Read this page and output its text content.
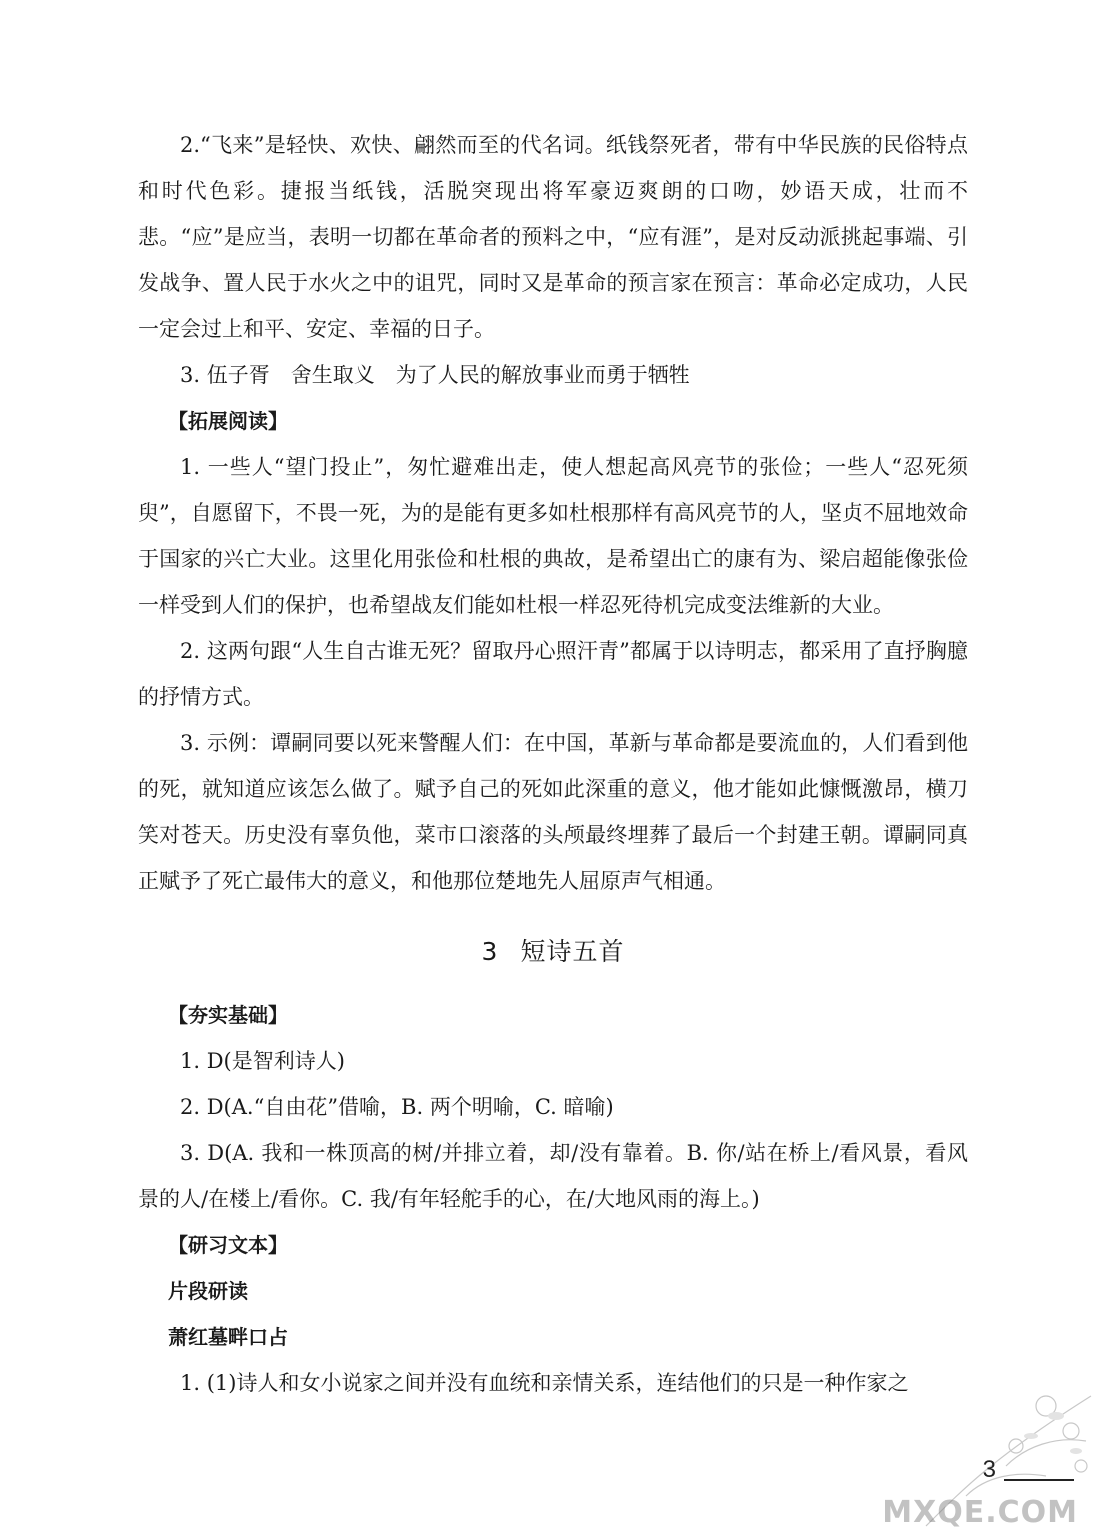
2.“飞来”是轻快、欢快、翩然而至的代名词。纸钱祭死者，带有中华民族的民俗特点和时代色彩。捷报当纸钱，活脱突现出将军豪迈爽朗的口吻，妙语天成，壮而不悲。“应”是应当，表明一切都在革命者的预料之中，“应有涯”，是对反动派挑起事端、引发战争、置人民于水火之中的诅咒，同时又是革命的预言家在预言：革命必定成功，人民一定会过上和平、安定、幸福的日子。

3. 伍子胥　舍生取义　为了人民的解放事业而勇于牺牲

【拓展阅读】

1. 一些人“望门投止”，匆忙避难出走，使人想起高风亮节的张俭；一些人“忍死须臾”，自愿留下，不畏一死，为的是能有更多如杜根那样有高风亮节的人，坚贞不屈地效命于国家的兴亡大业。这里化用张俭和杜根的典故，是希望出亡的康有为、梁启超能像张俭一样受到人们的保护，也希望战友们能如杜根一样忍死待机完成变法维新的大业。

2. 这两句跟“人生自古谁无死？留取丹心照汗青”都属于以诗明志，都采用了直抒胸臆的抒情方式。

3. 示例：谭嗣同要以死来警醒人们：在中国，革新与革命都是要流血的，人们看到他的死，就知道应该怎么做了。赋予自己的死如此深重的意义，他才能如此慷慨激昂，横刀笑对苍天。历史没有辜负他，菜市口滚落的头颅最终埋葬了最后一个封建王朝。谭嗣同真正赋予了死亡最伟大的意义，和他那位楚地先人屈原声气相通。

3 短诗五首

【夯实基础】

1. D(是智利诗人)

2. D(A.“自由花”借喻，B. 两个明喻，C. 暗喻)

3. D(A. 我和一株顶高的树/并排立着，却/没有靠着。B. 你/站在桥上/看风景，看风景的人/在楼上/看你。C. 我/有年轻舵手的心，在/大地风雨的海上。)

【研习文本】

片段研读

萧红墓畔口占

1. (1)诗人和女小说家之间并没有血统和亲情关系，连结他们的只是一种作家之

3
MXQE.COM
